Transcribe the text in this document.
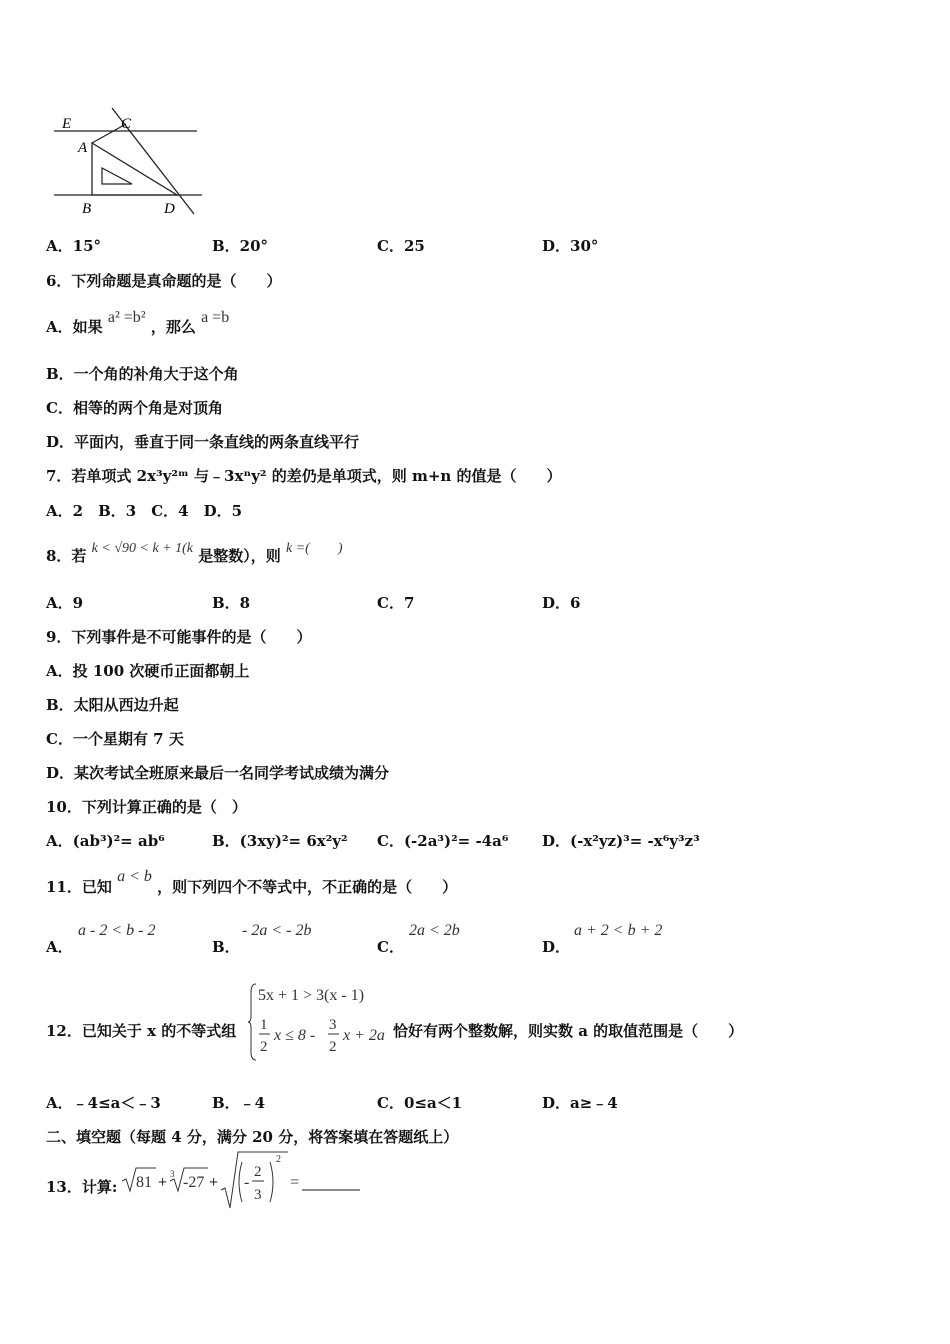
E	C
A
B	D
A．15°	B．20°	C．25	D．30°
6．下列命题是真命题的是（　　）
A．如果 a² =b² ，那么 a =b
B．一个角的补角大于这个角
C．相等的两个角是对顶角
D．平面内，垂直于同一条直线的两条直线平行
7．若单项式 2x³y²ᵐ 与﹣3xⁿy² 的差仍是单项式，则 m+n 的值是（　　）
A．2　B．3　C．4　D．5
8．若 k < √90 < k + 1(k 是整数），则 k =(　　)
A．9	B．8	C．7	D．6
9．下列事件是不可能事件的是（　　）
A．投 100 次硬币正面都朝上
B．太阳从西边升起
C．一个星期有 7 天
D．某次考试全班原来最后一名同学考试成绩为满分
10．下列计算正确的是（　）
A．(ab³)²= ab⁶	B．(3xy)²= 6x²y² C．(-2a³)²= -4a⁶ D．(-x²yz)³= -x⁶y³z³
11．已知 a < b ，则下列四个不等式中，不正确的是（　　）
A．
a - 2 < b - 2
B．
- 2a < - 2b
C．
2a < 2b
D．
a + 2 < b + 2
12．已知关于 x 的不等式组
5x + 1 > 3(x - 1)
1
2
x ≤ 8 -
3
2
x + 2a 恰好有两个整数解，则实数 a 的取值范围是（　　）
A．﹣4≤a＜﹣3	B．﹣4	C．0≤a＜1	D．a≥﹣4
二、填空题（每题 4 分，满分 20 分，将答案填在答题纸上）
13．计算: 81 + 3 -27 + -
2
3
2
=
